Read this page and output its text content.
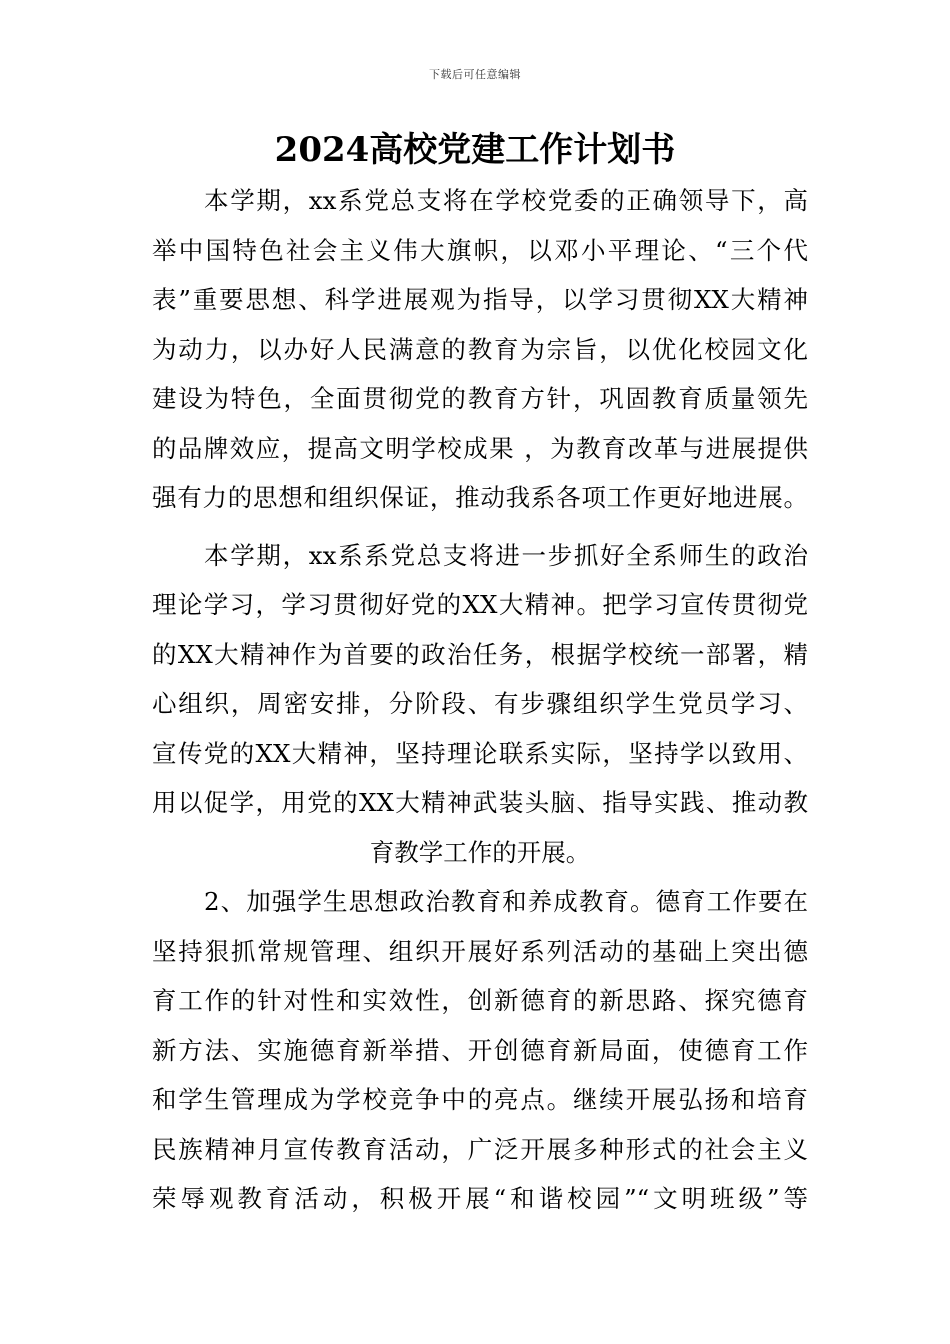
下载后可任意编辑
2024高校党建工作计划书
本学期，xx系党总支将在学校党委的正确领导下，高
举中国特色社会主义伟大旗帜，以邓小平理论、“三个代
表”重要思想、科学进展观为指导，以学习贯彻XX大精神
为动力，以办好人民满意的教育为宗旨，以优化校园文化
建设为特色，全面贯彻党的教育方针，巩固教育质量领先
的品牌效应，提高文明学校成果 ，为教育改革与进展提供
强有力的思想和组织保证，推动我系各项工作更好地进展。
本学期，xx系系党总支将进一步抓好全系师生的政治
理论学习，学习贯彻好党的XX大精神。把学习宣传贯彻党
的XX大精神作为首要的政治任务，根据学校统一部署，精
心组织，周密安排，分阶段、有步骤组织学生党员学习、
宣传党的XX大精神，坚持理论联系实际，坚持学以致用、
用以促学，用党的XX大精神武装头脑、指导实践、推动教
育教学工作的开展。
2、加强学生思想政治教育和养成教育。德育工作要在
坚持狠抓常规管理、组织开展好系列活动的基础上突出德
育工作的针对性和实效性，创新德育的新思路、探究德育
新方法、实施德育新举措、开创德育新局面，使德育工作
和学生管理成为学校竞争中的亮点。继续开展弘扬和培育
民族精神月宣传教育活动，广泛开展多种形式的社会主义
荣辱观教育活动，积极开展“和谐校园”“文明班级”等
